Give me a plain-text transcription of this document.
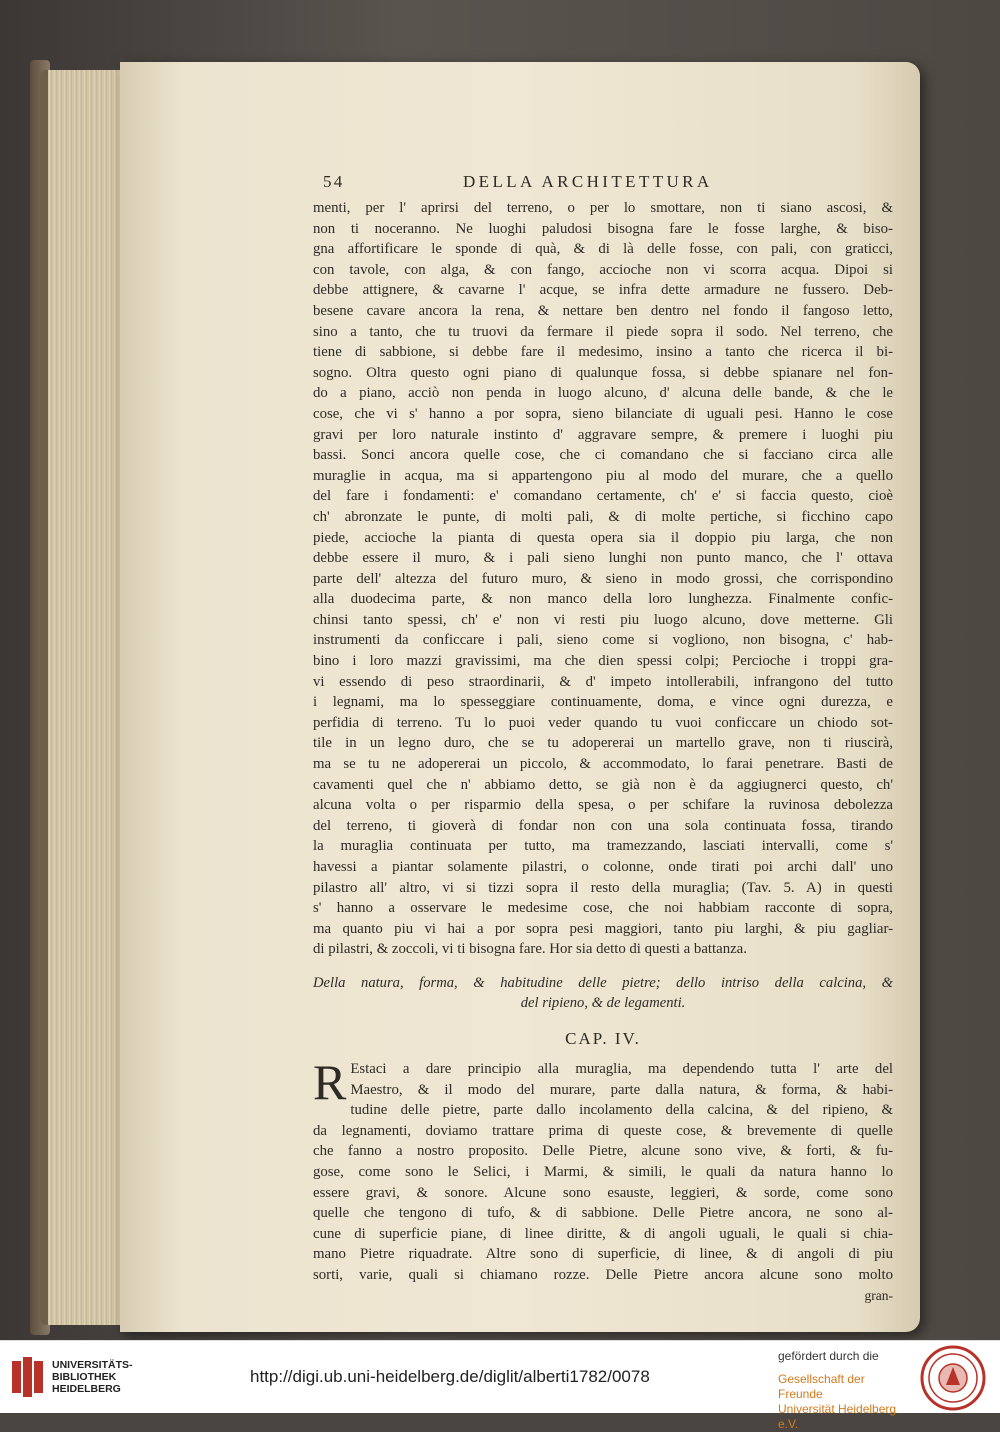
54	DELLA ARCHITETTURA
menti, per l' aprirsi del terreno, o per lo smottare, non ti siano ascosi, &
non ti noceranno. Ne luoghi paludosi bisogna fare le fosse larghe, & biso-
gna affortificare le sponde di quà, & di là delle fosse, con pali, con graticci,
con tavole, con alga, & con fango, accioche non vi scorra acqua. Dipoi si
debbe attignere, & cavarne l' acque, se infra dette armadure ne fussero. Deb-
besene cavare ancora la rena, & nettare ben dentro nel fondo il fangoso letto,
sino a tanto, che tu truovi da fermare il piede sopra il sodo. Nel terreno, che
tiene di sabbione, si debbe fare il medesimo, insino a tanto che ricerca il bi-
sogno. Oltra questo ogni piano di qualunque fossa, si debbe spianare nel fon-
do a piano, acciò non penda in luogo alcuno, d' alcuna delle bande, & che le
cose, che vi s' hanno a por sopra, sieno bilanciate di uguali pesi. Hanno le cose
gravi per loro naturale instinto d' aggravare sempre, & premere i luoghi piu
bassi. Sonci ancora quelle cose, che ci comandano che si facciano circa alle
muraglie in acqua, ma si appartengono piu al modo del murare, che a quello
del fare i fondamenti: e' comandano certamente, ch' e' si faccia questo, cioè
ch' abronzate le punte, di molti pali, & di molte pertiche, si ficchino capo
piede, accioche la pianta di questa opera sia il doppio piu larga, che non
debbe essere il muro, & i pali sieno lunghi non punto manco, che l' ottava
parte dell' altezza del futuro muro, & sieno in modo grossi, che corrispondino
alla duodecima parte, & non manco della loro lunghezza. Finalmente confic-
chinsi tanto spessi, ch' e' non vi resti piu luogo alcuno, dove metterne. Gli
instrumenti da conficcare i pali, sieno come si vogliono, non bisogna, c' hab-
bino i loro mazzi gravissimi, ma che dien spessi colpi; Percioche i troppi gra-
vi essendo di peso straordinarii, & d' impeto intollerabili, infrangono del tutto
i legnami, ma lo spesseggiare continuamente, doma, e vince ogni durezza, e
perfidia di terreno. Tu lo puoi veder quando tu vuoi conficcare un chiodo sot-
tile in un legno duro, che se tu adopererai un martello grave, non ti riuscirà,
ma se tu ne adopererai un piccolo, & accommodato, lo farai penetrare. Basti de
cavamenti quel che n' abbiamo detto, se già non è da aggiugnerci questo, ch'
alcuna volta o per risparmio della spesa, o per schifare la ruvinosa debolezza
del terreno, ti gioverà di fondar non con una sola continuata fossa, tirando
la muraglia continuata per tutto, ma tramezzando, lasciati intervalli, come s'
havessi a piantar solamente pilastri, o colonne, onde tirati poi archi dall' uno
pilastro all' altro, vi si tizzi sopra il resto della muraglia; (Tav. 5. A) in questi
s' hanno a osservare le medesime cose, che noi habbiam racconte di sopra,
ma quanto piu vi hai a por sopra pesi maggiori, tanto piu larghi, & piu gagliar-
di pilastri, & zoccoli, vi ti bisogna fare. Hor sia detto di questi a battanza.
Della natura, forma, & habitudine delle pietre; dello intriso della calcina, &
del ripieno, & de legamenti.
CAP. IV.
R Estaci a dare principio alla muraglia, ma dependendo tutta l' arte del
Maestro, & il modo del murare, parte dalla natura, & forma, & habi-
tudine delle pietre, parte dallo incolamento della calcina, & del ripieno, &
da legnamenti, doviamo trattare prima di queste cose, & brevemente di quelle
che fanno a nostro proposito. Delle Pietre, alcune sono vive, & forti, & fu-
gose, come sono le Selici, i Marmi, & simili, le quali da natura hanno lo
essere gravi, & sonore. Alcune sono esauste, leggieri, & sorde, come sono
quelle che tengono di tufo, & di sabbione. Delle Pietre ancora, ne sono al-
cune di superficie piane, di linee diritte, & di angoli uguali, le quali si chia-
mano Pietre riquadrate. Altre sono di superficie, di linee, & di angoli di piu
sorti, varie, quali si chiamano rozze. Delle Pietre ancora alcune sono molto
gran-
UNIVERSITÄTS-
BIBLIOTHEK
HEIDELBERG
http://digi.ub.uni-heidelberg.de/diglit/alberti1782/0078
gefördert durch die
Gesellschaft der Freunde
Universität Heidelberg e.V.
